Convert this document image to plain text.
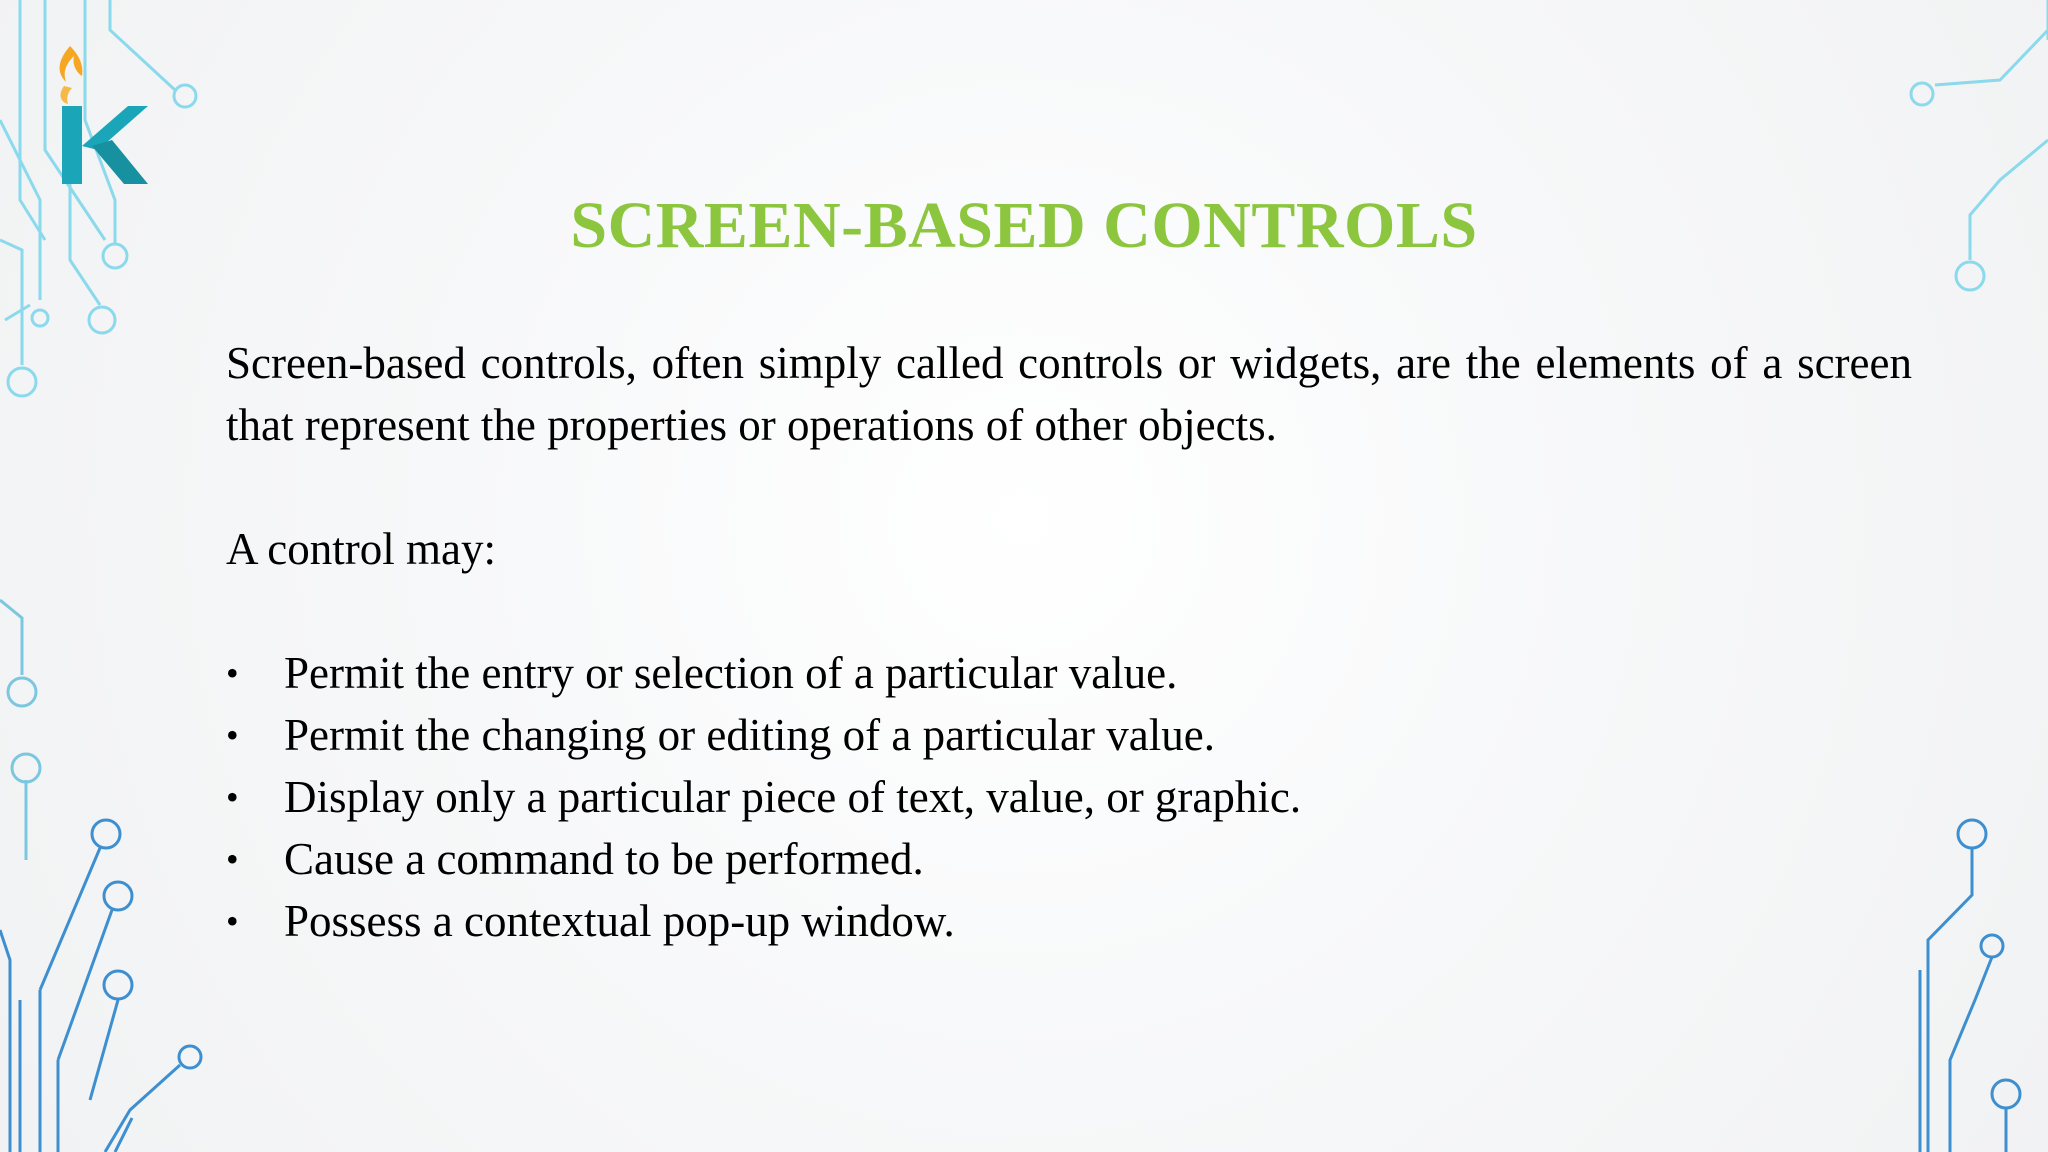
SCREEN-BASED CONTROLS

Screen-based controls, often simply called controls or widgets, are the elements of a screen that represent the properties or operations of other objects.

A control may:

•	Permit the entry or selection of a particular value.
•	Permit the changing or editing of a particular value.
•	Display only a particular piece of text, value, or graphic.
•	Cause a command to be performed.
•	Possess a contextual pop-up window.
